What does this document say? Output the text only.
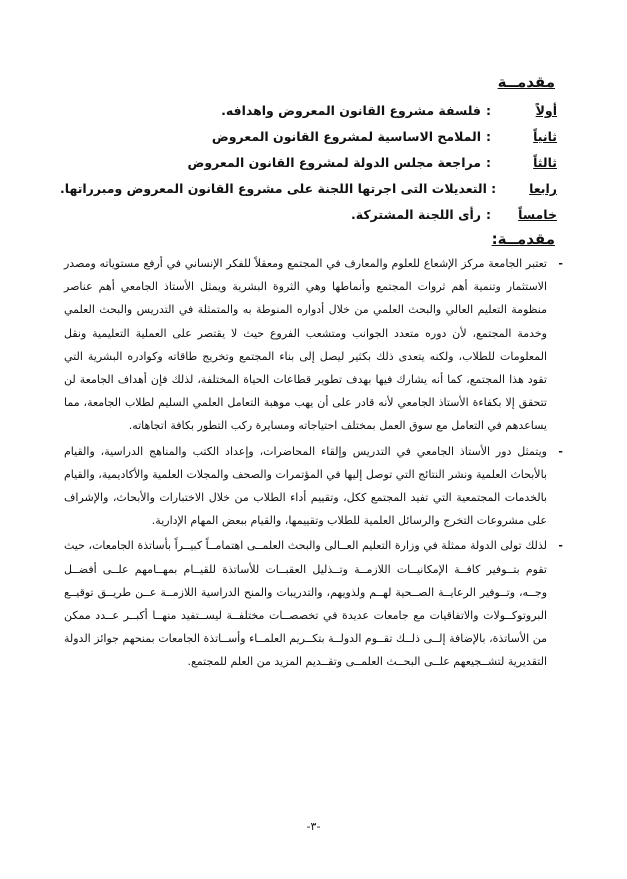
مقدمــة
أولاً
:
فلسفة مشروع القانون المعروض واهدافه.
ثانياً
:
الملامح الاساسية لمشروع القانون المعروض
ثالثاً
:
مراجعة مجلس الدولة لمشروع القانون المعروض
رابعا
:
التعديلات التى اجرتها اللجنة على مشروع القانون المعروض ومبرراتها.
خامساً
:
رأى اللجنة المشتركة.
مقدمــة:
-
تعتبر الجامعة مركز الإشعاع للعلوم والمعارف في المجتمع ومعقلاً للفكر الإنساني في أرفع مستوياته ومصدر الاستثمار وتنمية أهم ثروات المجتمع وأنماطها وهي الثروة البشرية ويمثل الأستاذ الجامعي أهم عناصر منظومة التعليم العالي والبحث العلمي من خلال أدواره المنوطة به والمتمثلة في التدريس والبحث العلمي وخدمة المجتمع، لأن دوره متعدد الجوانب ومتشعب الفروع حيث لا يقتصر على العملية التعليمية ونقل المعلومات للطلاب، ولكنه يتعدى ذلك بكثير ليصل إلى بناء المجتمع وتخريج طاقاته وكوادره البشرية التي تقود هذا المجتمع، كما أنه يشارك فيها بهدف تطوير قطاعات الحياة المختلفة، لذلك فإن أهداف الجامعة لن تتحقق إلا بكفاءة الأستاذ الجامعي لأنه قادر على أن يهب موهبة التعامل العلمي السليم لطلاب الجامعة، مما يساعدهم في التعامل مع سوق العمل بمختلف احتياجاته ومسايرة ركب التطور بكافة اتجاهاته.
-
ويتمثل دور الأستاذ الجامعي في التدريس وإلقاء المحاضرات، وإعداد الكتب والمناهج الدراسية، والقيام بالأبحاث العلمية ونشر النتائج التي توصل إليها في المؤتمرات والصحف والمجلات العلمية والأكاديمية، والقيام بالخدمات المجتمعية التي تفيد المجتمع ككل، وتقييم أداء الطلاب من خلال الاختبارات والأبحاث، والإشراف على مشروعات التخرج والرسائل العلمية للطلاب وتقييمها، والقيام ببعض المهام الإدارية.
-
لذلك تولى الدولة ممثلة في وزارة التعليم العــالى والبحث العلمــى اهتمامــاً كبيــراً بأساتذة الجامعات، حيث تقوم بتــوفير كافــة الإمكانيــات اللازمــة وتــذليل العقبــات للأساتذة للقيــام بمهــامهم علــى أفضــل وجــه، وتــوفير الرعايــة الصــحية لهــم ولذويهم، والتدريبات والمنح الدراسية اللازمــة عــن طريــق توقيــع البروتوكــولات والاتفاقيات مع جامعات عديدة في تخصصــات مختلفــة ليســتفيد منهــا أكبــر عــدد ممكن من الأساتذة، بالإضافة إلــى ذلــك تقــوم الدولــة بتكــريم العلمــاء وأســاتذة الجامعات بمنحهم جوائز الدولة التقديرية لتشــجيعهم علــى البحــث العلمــى وتقــديم المزيد من العلم للمجتمع.
-٣-
